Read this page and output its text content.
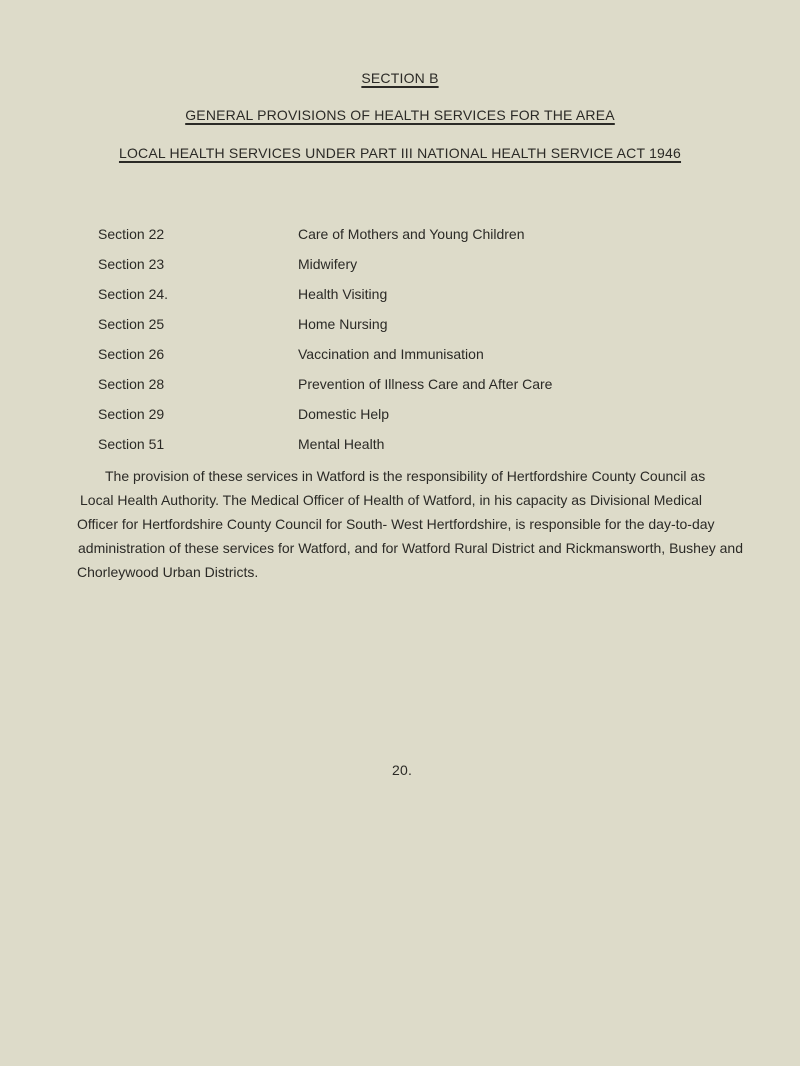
SECTION B
GENERAL PROVISIONS OF HEALTH SERVICES FOR THE AREA
LOCAL HEALTH SERVICES UNDER PART III NATIONAL HEALTH SERVICE ACT 1946
Section 22	Care of Mothers and Young Children
Section 23	Midwifery
Section 24.	Health Visiting
Section 25	Home Nursing
Section 26	Vaccination and Immunisation
Section 28	Prevention of Illness Care and After Care
Section 29	Domestic Help
Section 51	Mental Health
The provision of these services in Watford is the responsibility of Hertfordshire County Council as
Local Health Authority. The Medical Officer of Health of Watford, in his capacity as Divisional Medical
Officer for Hertfordshire County Council for South- West Hertfordshire, is responsible for the day-to-day
administration of these services for Watford, and for Watford Rural District and Rickmansworth, Bushey and
Chorleywood Urban Districts.
20.
